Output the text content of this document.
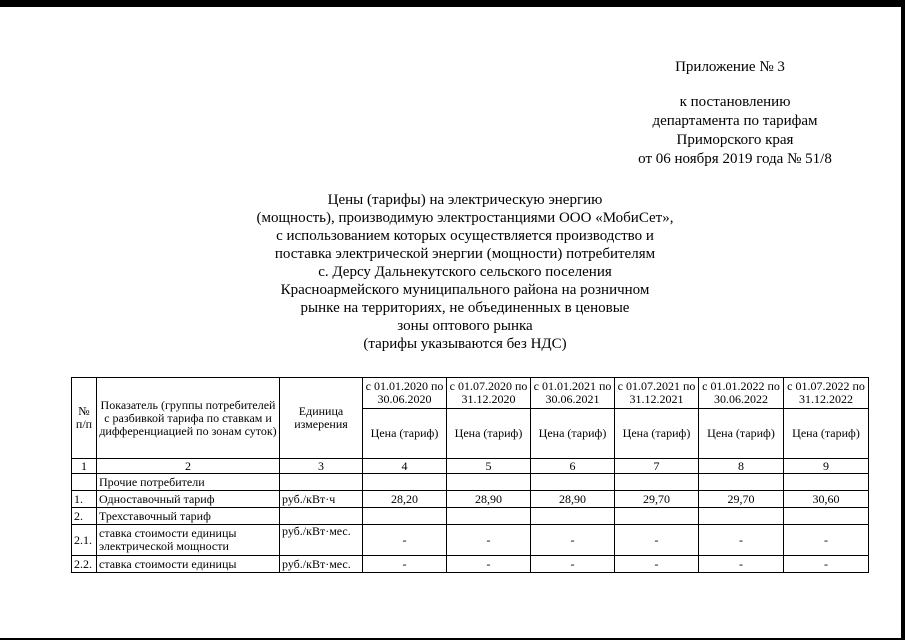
Приложение № 3
к постановлению
департамента по тарифам
Приморского края
от 06 ноября 2019 года № 51/8
Цены (тарифы) на электрическую энергию
(мощность), производимую электростанциями ООО «МобиСет»,
с использованием которых осуществляется производство и
поставка электрической энергии (мощности) потребителям
с. Дерсу Дальнекутского сельского поселения
Красноармейского муниципального района на розничном
рынке на территориях, не объединенных в ценовые
зоны оптового рынка
(тарифы указываются без НДС)
№ п/п	Показатель (группы потребителей с разбивкой тарифа по ставкам и дифференциацией по зонам суток)	Единица измерения	с 01.01.2020 по 30.06.2020	с 01.07.2020 по 31.12.2020	с 01.01.2021 по 30.06.2021	с 01.07.2021 по 31.12.2021	с 01.01.2022 по 30.06.2022	с 01.07.2022 по 31.12.2022
			Цена (тариф)	Цена (тариф)	Цена (тариф)	Цена (тариф)	Цена (тариф)	Цена (тариф)
1	2	3	4	5	6	7	8	9
	Прочие потребители							
1.	Одноставочный тариф	руб./кВт·ч	28,20	28,90	28,90	29,70	29,70	30,60
2.	Трехставочный тариф							
2.1.	ставка стоимости единицы электрической мощности	руб./кВт·мес.	-	-	-	-	-	-
2.2.	ставка стоимости единицы	руб./кВт·мес.	-	-	-	-	-	-
